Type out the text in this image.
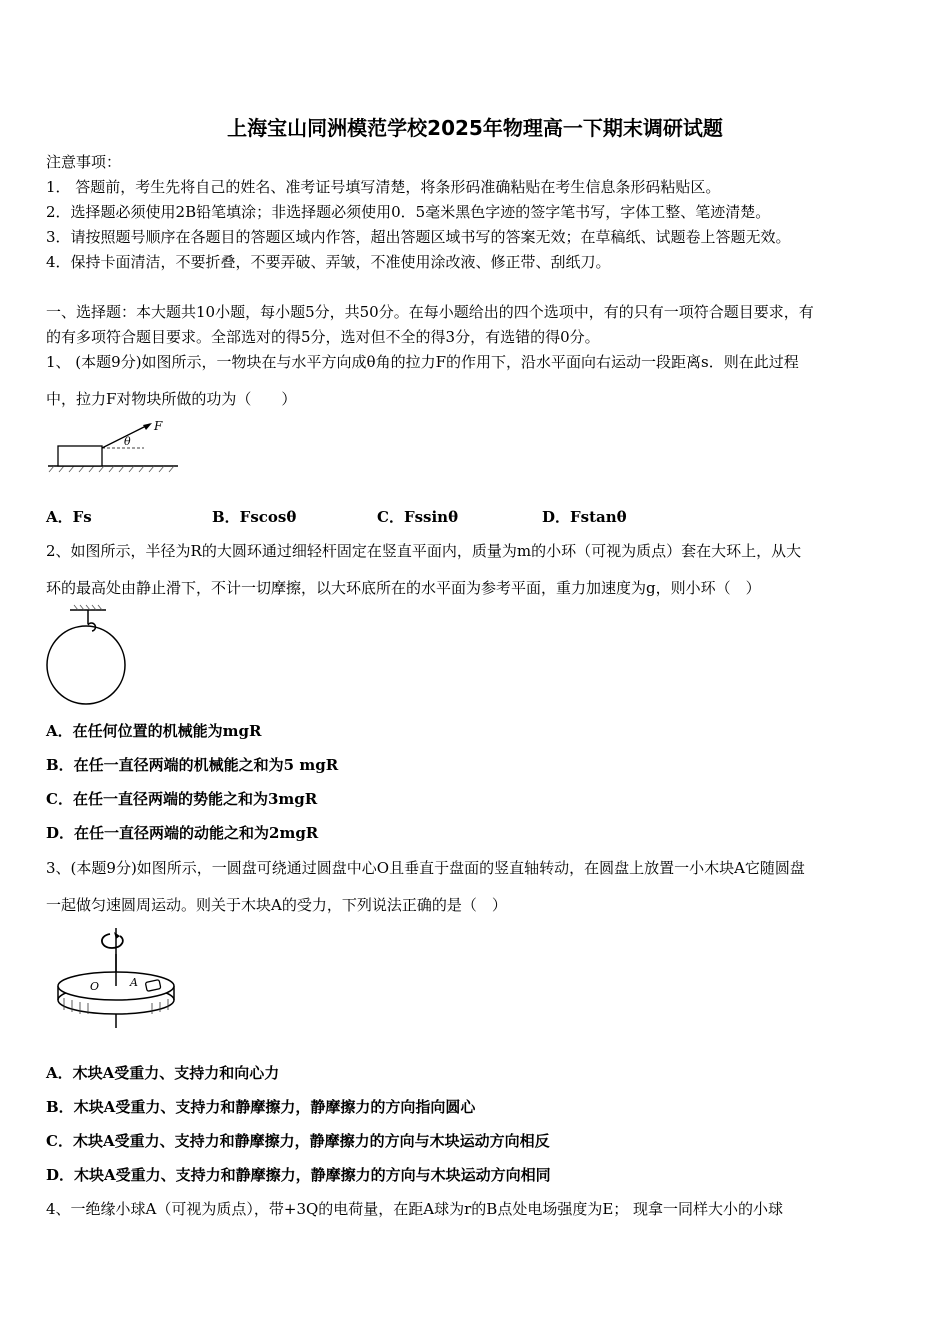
上海宝山同洲模范学校2025年物理高一下期末调研试题
注意事项：
1． 答题前，考生先将自己的姓名、准考证号填写清楚，将条形码准确粘贴在考生信息条形码粘贴区。
2．选择题必须使用2B铅笔填涂；非选择题必须使用0．5毫米黑色字迹的签字笔书写，字体工整、笔迹清楚。
3．请按照题号顺序在各题目的答题区域内作答，超出答题区域书写的答案无效；在草稿纸、试题卷上答题无效。
4．保持卡面清洁，不要折叠，不要弄破、弄皱，不准使用涂改液、修正带、刮纸刀。
一、选择题：本大题共10小题，每小题5分，共50分。在每小题给出的四个选项中，有的只有一项符合题目要求，有
的有多项符合题目要求。全部选对的得5分，选对但不全的得3分，有选错的得0分。
1、 (本题9分)如图所示，一物块在与水平方向成θ角的拉力F的作用下，沿水平面向右运动一段距离s．则在此过程
中，拉力F对物块所做的功为（　　）
F
θ
A．Fs	B．Fscosθ	C．Fssinθ	D．Fstanθ
2、如图所示，半径为R的大圆环通过细轻杆固定在竖直平面内，质量为m的小环（可视为质点）套在大环上，从大
环的最高处由静止滑下，不计一切摩擦，以大环底所在的水平面为参考平面，重力加速度为g，则小环（　）
A．在任何位置的机械能为mgR
B．在任一直径两端的机械能之和为5 mgR
C．在任一直径两端的势能之和为3mgR
D．在任一直径两端的动能之和为2mgR
3、(本题9分)如图所示，一圆盘可绕通过圆盘中心O且垂直于盘面的竖直轴转动，在圆盘上放置一小木块A它随圆盘
一起做匀速圆周运动。则关于木块A的受力，下列说法正确的是（　）
O	A
A．木块A受重力、支持力和向心力
B．木块A受重力、支持力和静摩擦力，静摩擦力的方向指向圆心
C．木块A受重力、支持力和静摩擦力，静摩擦力的方向与木块运动方向相反
D．木块A受重力、支持力和静摩擦力，静摩擦力的方向与木块运动方向相同
4、一绝缘小球A（可视为质点），带+3Q的电荷量，在距A球为r的B点处电场强度为E； 现拿一同样大小的小球
